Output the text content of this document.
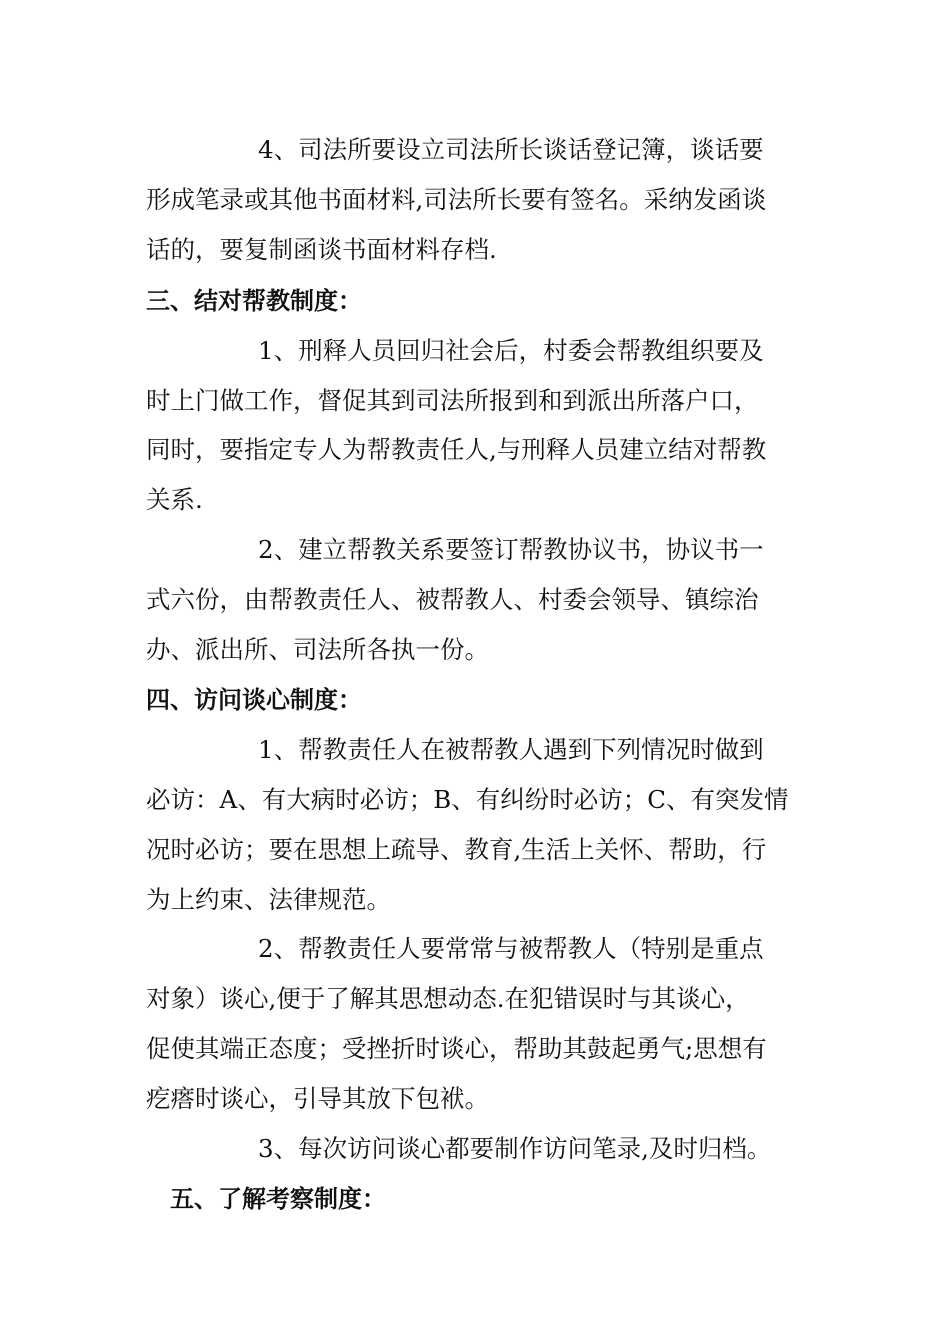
4、司法所要设立司法所长谈话登记簿，谈话要
形成笔录或其他书面材料,司法所长要有签名。采纳发函谈
话的，要复制函谈书面材料存档.
三、结对帮教制度：
1、刑释人员回归社会后，村委会帮教组织要及
时上门做工作，督促其到司法所报到和到派出所落户口，
同时，要指定专人为帮教责任人,与刑释人员建立结对帮教
关系.
2、建立帮教关系要签订帮教协议书，协议书一
式六份，由帮教责任人、被帮教人、村委会领导、镇综治
办、派出所、司法所各执一份。
四、访问谈心制度：
1、帮教责任人在被帮教人遇到下列情况时做到
必访：A、有大病时必访；B、有纠纷时必访；C、有突发情
况时必访；要在思想上疏导、教育,生活上关怀、帮助，行
为上约束、法律规范。
2、帮教责任人要常常与被帮教人（特别是重点
对象）谈心,便于了解其思想动态.在犯错误时与其谈心，
促使其端正态度；受挫折时谈心，帮助其鼓起勇气;思想有
疙瘩时谈心，引导其放下包袱。
3、每次访问谈心都要制作访问笔录,及时归档。
五、了解考察制度：
